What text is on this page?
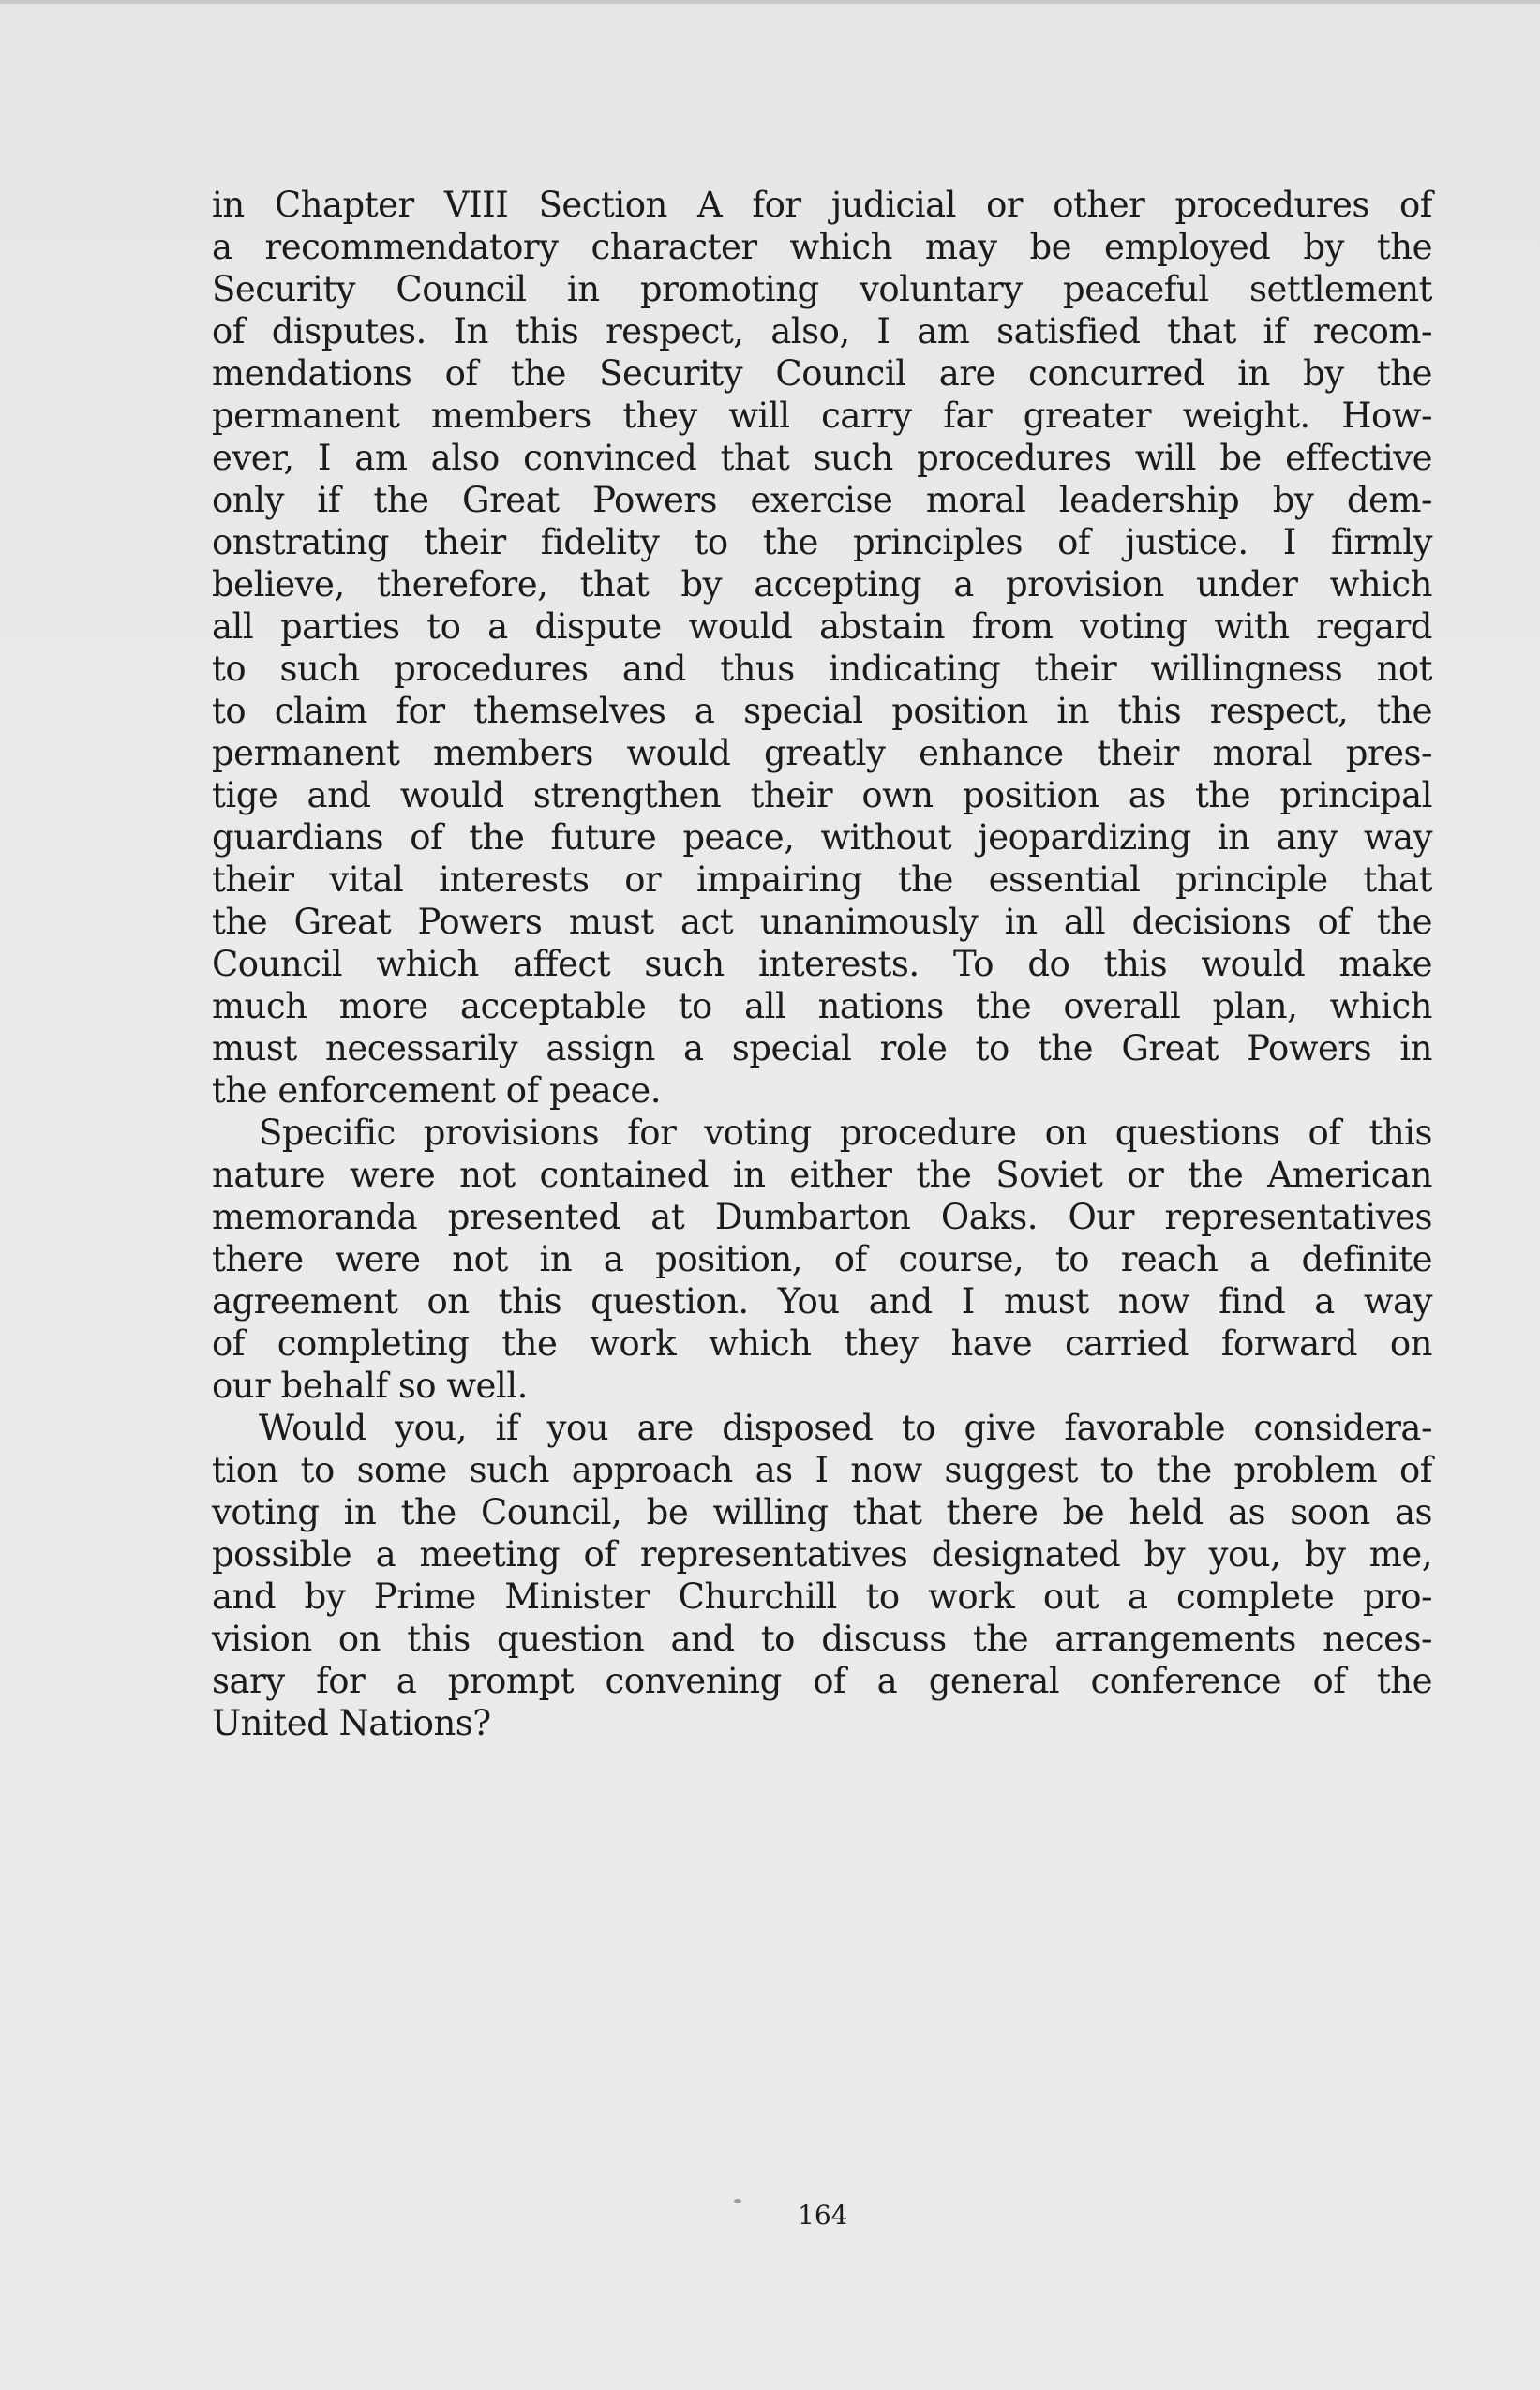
in Chapter VIII Section A for judicial or other procedures of
a recommendatory character which may be employed by the
Security Council in promoting voluntary peaceful settlement
of disputes. In this respect, also, I am satisfied that if recom-
mendations of the Security Council are concurred in by the
permanent members they will carry far greater weight. How-
ever, I am also convinced that such procedures will be effective
only if the Great Powers exercise moral leadership by dem-
onstrating their fidelity to the principles of justice. I firmly
believe, therefore, that by accepting a provision under which
all parties to a dispute would abstain from voting with regard
to such procedures and thus indicating their willingness not
to claim for themselves a special position in this respect, the
permanent members would greatly enhance their moral pres-
tige and would strengthen their own position as the principal
guardians of the future peace, without jeopardizing in any way
their vital interests or impairing the essential principle that
the Great Powers must act unanimously in all decisions of the
Council which affect such interests. To do this would make
much more acceptable to all nations the overall plan, which
must necessarily assign a special role to the Great Powers in
the enforcement of peace.
Specific provisions for voting procedure on questions of this
nature were not contained in either the Soviet or the American
memoranda presented at Dumbarton Oaks. Our representatives
there were not in a position, of course, to reach a definite
agreement on this question. You and I must now find a way
of completing the work which they have carried forward on
our behalf so well.
Would you, if you are disposed to give favorable considera-
tion to some such approach as I now suggest to the problem of
voting in the Council, be willing that there be held as soon as
possible a meeting of representatives designated by you, by me,
and by Prime Minister Churchill to work out a complete pro-
vision on this question and to discuss the arrangements neces-
sary for a prompt convening of a general conference of the
United Nations?
164
